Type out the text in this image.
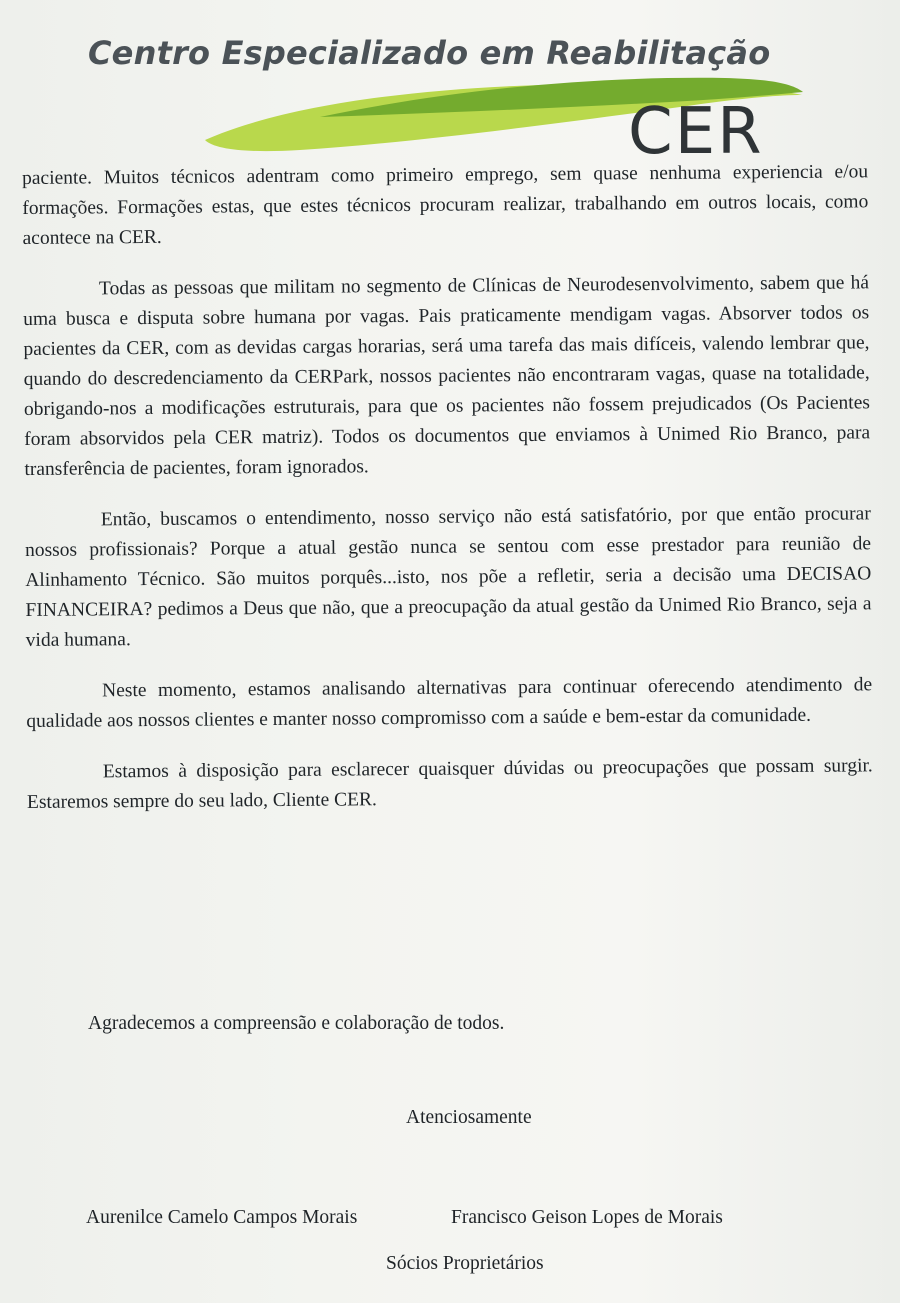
Centro Especializado em Reabilitação
CER

paciente. Muitos técnicos adentram como primeiro emprego, sem quase nenhuma experiencia e/ou formações. Formações estas, que estes técnicos procuram realizar, trabalhando em outros locais, como acontece na CER.

Todas as pessoas que militam no segmento de Clínicas de Neurodesenvolvimento, sabem que há uma busca e disputa sobre humana por vagas. Pais praticamente mendigam vagas. Absorver todos os pacientes da CER, com as devidas cargas horarias, será uma tarefa das mais difíceis, valendo lembrar que, quando do descredenciamento da CERPark, nossos pacientes não encontraram vagas, quase na totalidade, obrigando-nos a modificações estruturais, para que os pacientes não fossem prejudicados (Os Pacientes foram absorvidos pela CER matriz). Todos os documentos que enviamos à Unimed Rio Branco, para transferência de pacientes, foram ignorados.

Então, buscamos o entendimento, nosso serviço não está satisfatório, por que então procurar nossos profissionais? Porque a atual gestão nunca se sentou com esse prestador para reunião de Alinhamento Técnico. São muitos porquês...isto, nos põe a refletir, seria a decisão uma DECISAO FINANCEIRA? pedimos a Deus que não, que a preocupação da atual gestão da Unimed Rio Branco, seja a vida humana.

Neste momento, estamos analisando alternativas para continuar oferecendo atendimento de qualidade aos nossos clientes e manter nosso compromisso com a saúde e bem-estar da comunidade.

Estamos à disposição para esclarecer quaisquer dúvidas ou preocupações que possam surgir. Estaremos sempre do seu lado, Cliente CER.

Agradecemos a compreensão e colaboração de todos.
Atenciosamente
Aurenilce Camelo Campos Morais	Francisco Geison Lopes de Morais
Sócios Proprietários
